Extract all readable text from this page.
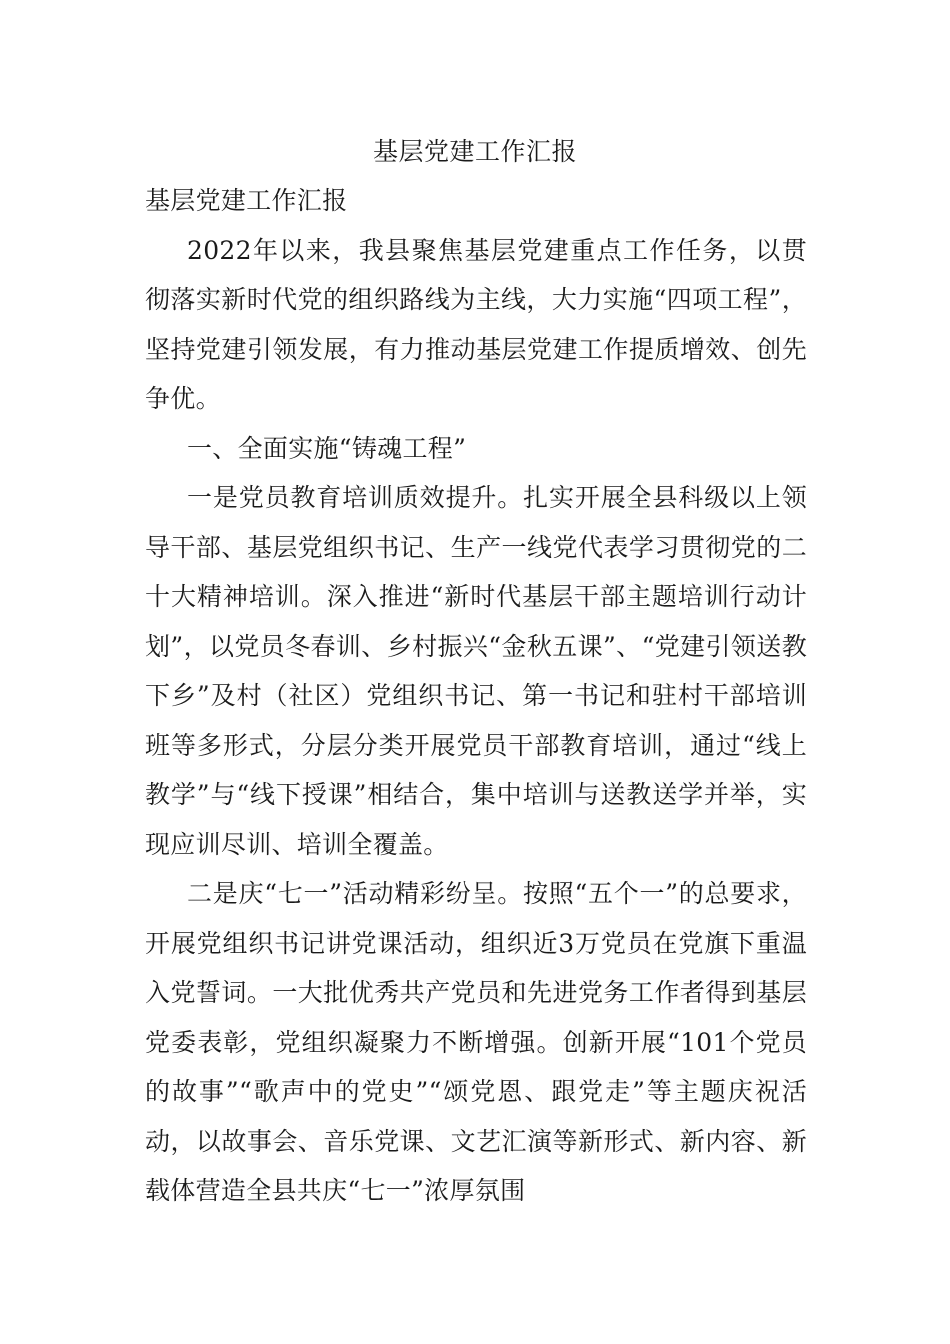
基层党建工作汇报

基层党建工作汇报

2022年以来，我县聚焦基层党建重点工作任务，以贯彻落实新时代党的组织路线为主线，大力实施“四项工程”，坚持党建引领发展，有力推动基层党建工作提质增效、创先争优。

一、全面实施“铸魂工程”

一是党员教育培训质效提升。扎实开展全县科级以上领导干部、基层党组织书记、生产一线党代表学习贯彻党的二十大精神培训。深入推进“新时代基层干部主题培训行动计划”，以党员冬春训、乡村振兴“金秋五课”、“党建引领送教下乡”及村（社区）党组织书记、第一书记和驻村干部培训班等多形式，分层分类开展党员干部教育培训，通过“线上教学”与“线下授课”相结合，集中培训与送教送学并举，实现应训尽训、培训全覆盖。

二是庆“七一”活动精彩纷呈。按照“五个一”的总要求，开展党组织书记讲党课活动，组织近3万党员在党旗下重温入党誓词。一大批优秀共产党员和先进党务工作者得到基层党委表彰，党组织凝聚力不断增强。创新开展“101个党员的故事”“歌声中的党史”“颂党恩、跟党走”等主题庆祝活动，以故事会、音乐党课、文艺汇演等新形式、新内容、新载体营造全县共庆“七一”浓厚氛围
